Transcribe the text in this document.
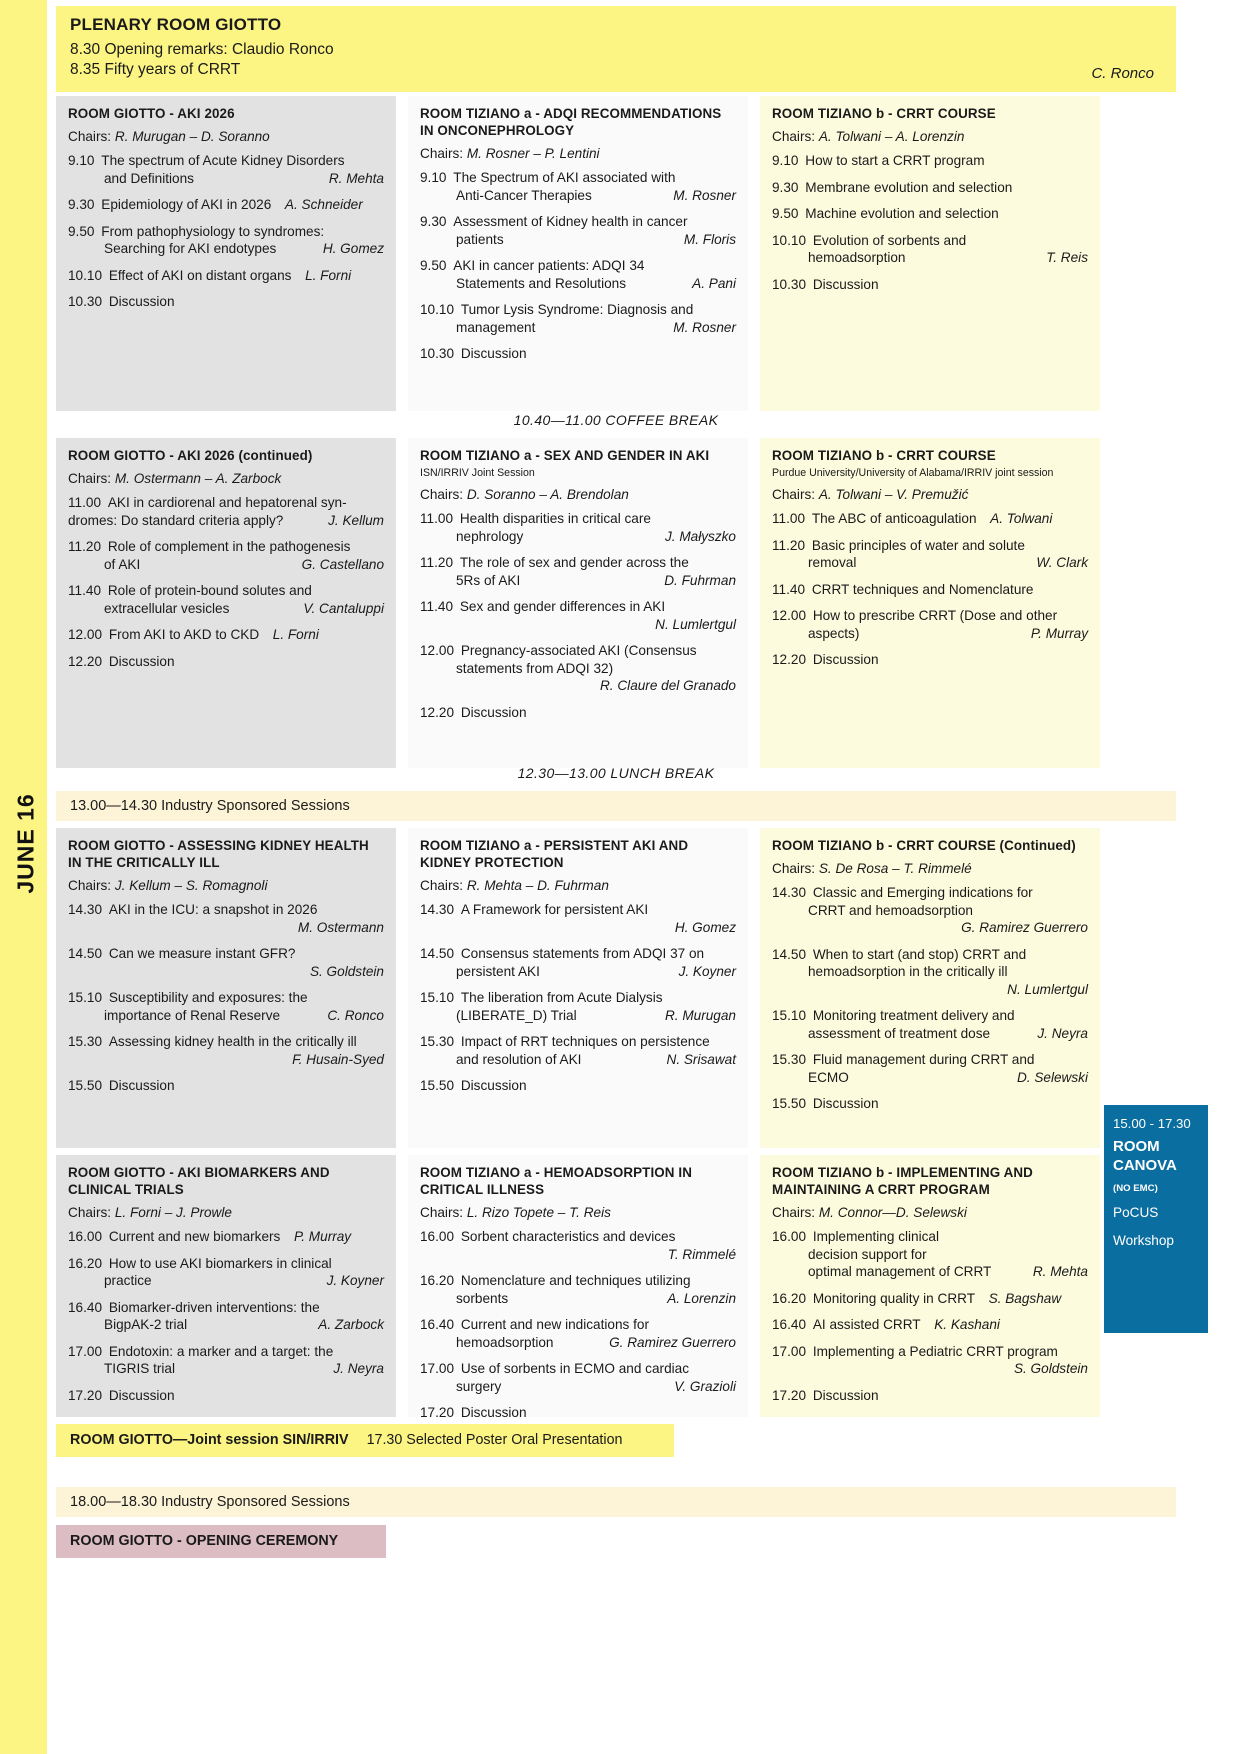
JUNE 16
PLENARY ROOM GIOTTO
8.30 Opening remarks: Claudio Ronco
8.35 Fifty years of CRRT	C. Ronco
ROOM GIOTTO - AKI 2026
Chairs: R. Murugan – D. Soranno
9.10  The spectrum of Acute Kidney Disorders
and Definitions	R. Mehta
9.30  Epidemiology of AKI in 2026  A. Schneider
9.50  From pathophysiology to syndromes:
Searching for AKI endotypes	H. Gomez
10.10  Effect of AKI on distant organs  L. Forni
10.30  Discussion
ROOM TIZIANO a - ADQI RECOMMENDATIONS IN ONCONEPHROLOGY
Chairs: M. Rosner – P. Lentini
9.10  The Spectrum of AKI associated with
Anti-Cancer Therapies	M. Rosner
9.30  Assessment of Kidney health in cancer
patients	M. Floris
9.50  AKI in cancer patients: ADQI 34
Statements and Resolutions	A. Pani
10.10  Tumor Lysis Syndrome: Diagnosis and
management	M. Rosner
10.30  Discussion
ROOM TIZIANO b - CRRT COURSE
Chairs: A. Tolwani – A. Lorenzin
9.10  How to start a CRRT program
9.30  Membrane evolution and selection
9.50  Machine evolution and selection
10.10  Evolution of sorbents and
hemoadsorption	T. Reis
10.30  Discussion
ROOM GIOTTO - AKI 2026 (continued)
Chairs: M. Ostermann – A. Zarbock
11.00  AKI in cardiorenal and hepatorenal syn-
dromes: Do standard criteria apply?	J. Kellum
11.20  Role of complement in the pathogenesis
of AKI	G. Castellano
11.40  Role of protein-bound solutes and
extracellular vesicles	V. Cantaluppi
12.00  From AKI to AKD to CKD  L. Forni
12.20  Discussion
ROOM TIZIANO a - SEX AND GENDER IN AKI
ISN/IRRIV Joint Session
Chairs: D. Soranno – A. Brendolan
11.00  Health disparities in critical care
nephrology	J. Małyszko
11.20  The role of sex and gender across the
5Rs of AKI	D. Fuhrman
11.40  Sex and gender differences in AKI
N. Lumlertgul
12.00  Pregnancy-associated AKI (Consensus
statements from ADQI 32)
R. Claure del Granado
12.20  Discussion
ROOM TIZIANO b - CRRT COURSE
Purdue University/University of Alabama/IRRIV joint session
Chairs: A. Tolwani – V. Premužić
11.00  The ABC of anticoagulation  A. Tolwani
11.20  Basic principles of water and solute
removal	W. Clark
11.40  CRRT techniques and Nomenclature
12.00  How to prescribe CRRT (Dose and other
aspects)	P. Murray
12.20  Discussion
ROOM GIOTTO - ASSESSING KIDNEY HEALTH IN THE CRITICALLY ILL
Chairs: J. Kellum – S. Romagnoli
14.30  AKI in the ICU: a snapshot in 2026
M. Ostermann
14.50  Can we measure instant GFR?
S. Goldstein
15.10  Susceptibility and exposures: the
importance of Renal Reserve	C. Ronco
15.30  Assessing kidney health in the critically ill
F. Husain-Syed
15.50  Discussion
ROOM TIZIANO a - PERSISTENT AKI AND KIDNEY PROTECTION
Chairs: R. Mehta – D. Fuhrman
14.30  A Framework for persistent AKI
H. Gomez
14.50  Consensus statements from ADQI 37 on
persistent AKI	J. Koyner
15.10  The liberation from Acute Dialysis
(LIBERATE_D) Trial	R. Murugan
15.30  Impact of RRT techniques on persistence
and resolution of AKI	N. Srisawat
15.50  Discussion
ROOM TIZIANO b - CRRT COURSE (Continued)
Chairs: S. De Rosa – T. Rimmelé
14.30  Classic and Emerging indications for
CRRT and hemoadsorption
G. Ramirez Guerrero
14.50  When to start (and stop) CRRT and
hemoadsorption in the critically ill
N. Lumlertgul
15.10  Monitoring treatment delivery and
assessment of treatment dose	J. Neyra
15.30  Fluid management during CRRT and
ECMO	D. Selewski
15.50  Discussion
ROOM GIOTTO - AKI BIOMARKERS AND CLINICAL TRIALS
Chairs: L. Forni – J. Prowle
16.00  Current and new biomarkers  P. Murray
16.20  How to use AKI biomarkers in clinical
practice	J. Koyner
16.40  Biomarker-driven interventions: the
BigpAK-2 trial	A. Zarbock
17.00  Endotoxin: a marker and a target: the
TIGRIS trial	J. Neyra
17.20  Discussion
ROOM TIZIANO a - HEMOADSORPTION IN CRITICAL ILLNESS
Chairs: L. Rizo Topete – T. Reis
16.00  Sorbent characteristics and devices
T. Rimmelé
16.20  Nomenclature and techniques utilizing
sorbents	A. Lorenzin
16.40  Current and new indications for
hemoadsorption	G. Ramirez Guerrero
17.00  Use of sorbents in ECMO and cardiac
surgery	V. Grazioli
17.20  Discussion
ROOM TIZIANO b - IMPLEMENTING AND MAINTAINING A CRRT PROGRAM
Chairs: M. Connor—D. Selewski
16.00  Implementing clinical
decision support for
optimal management of CRRT	R. Mehta
16.20  Monitoring quality in CRRT  S. Bagshaw
16.40  AI assisted CRRT  K. Kashani
17.00  Implementing a Pediatric CRRT program
S. Goldstein
17.20  Discussion
10.40—11.00 COFFEE BREAK
12.30—13.00 LUNCH BREAK
13.00—14.30 Industry Sponsored Sessions
18.00—18.30 Industry Sponsored Sessions
ROOM GIOTTO—Joint session SIN/IRRIV 17.30 Selected Poster Oral Presentation
ROOM GIOTTO - OPENING CEREMONY
15.00 - 17.30
ROOM
CANOVA
(NO EMC)
PoCUS
Workshop
